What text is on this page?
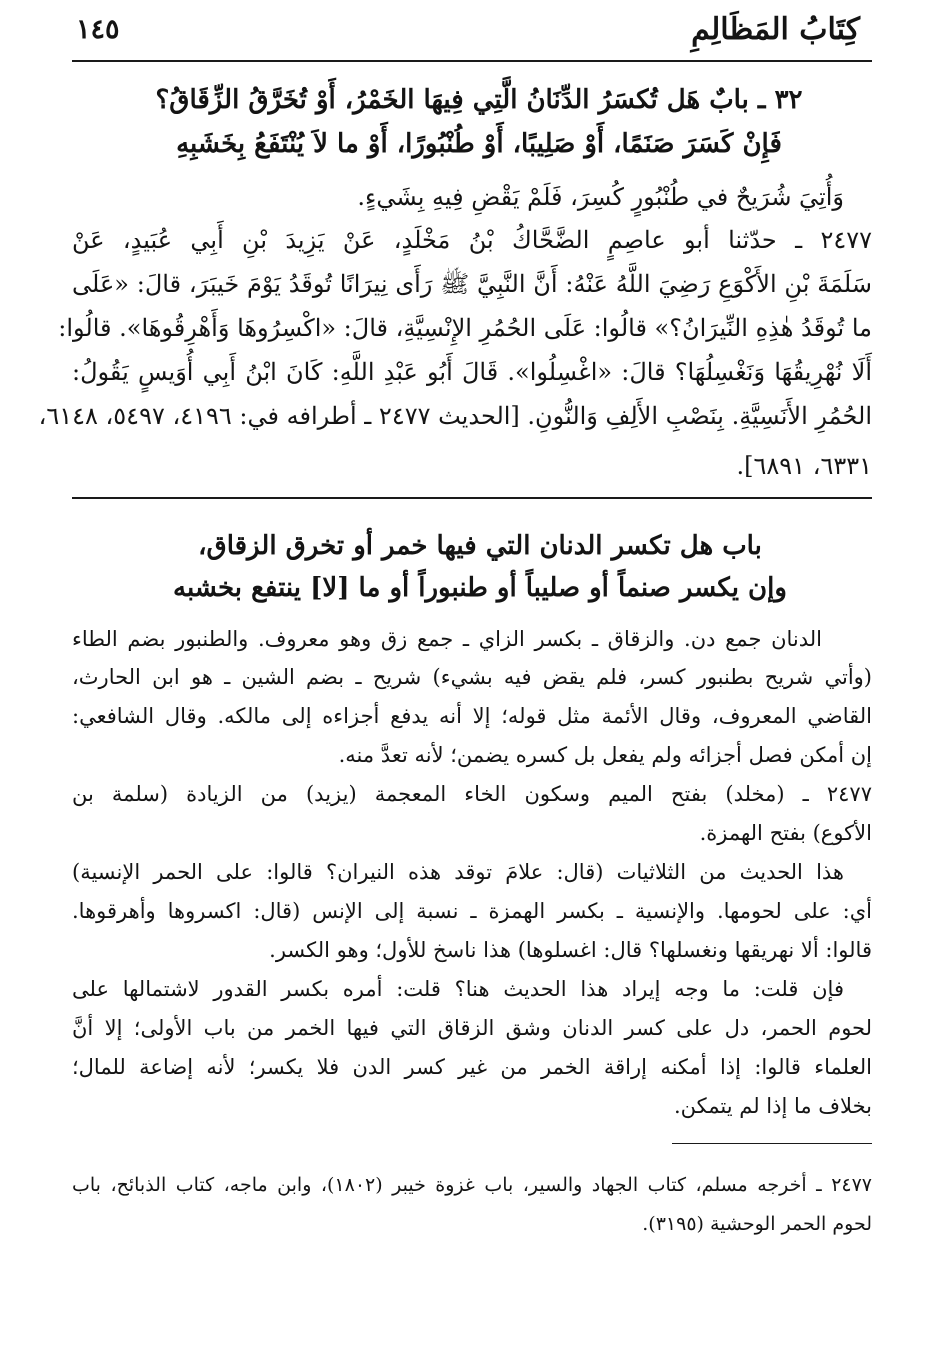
كِتَابُ المَظَالِمِ
١٤٥
٣٢ ـ بابٌ هَل تُكسَرُ الدِّنَانُ الَّتِي فِيهَا الخَمْرُ، أَوْ تُخَرَّقُ الزِّقَاقُ؟
فَإِنْ كَسَرَ صَنَمًا، أَوْ صَلِيبًا، أَوْ طُنْبُورًا، أَوْ ما لاَ يُنْتَفَعُ بِخَشَبِهِ
وَأُتِيَ شُرَيحٌ في طُنْبُورٍ كُسِرَ، فَلَمْ يَقْضِ فِيهِ بِشَيءٍ.
٢٤٧٧ ـ حدّثنا أبو عاصِمٍ الضَّحَّاكُ بْنُ مَخْلَدٍ، عَنْ يَزِيدَ بْنِ أَبِي عُبَيدٍ، عَنْ
سَلَمَةَ بْنِ الأَكْوَعِ رَضِيَ اللَّهُ عَنْهُ: أَنَّ النَّبِيَّ ﷺ رَأَى نِيرَانًا تُوقَدُ يَوْمَ خَيبَرَ، قالَ: «عَلَى
ما تُوقَدُ هٰذِهِ النِّيرَانُ؟» قالُوا: عَلَى الحُمُرِ الإِنْسِيَّةِ، قالَ: «اكْسِرُوهَا وَأَهْرِقُوهَا». قالُوا:
أَلَا نُهْرِيقُهَا وَنَغْسِلُهَا؟ قالَ: «اغْسِلُوا». قَالَ أَبُو عَبْدِ اللَّهِ: كَانَ ابْنُ أَبِي أُوَيسٍ يَقُولُ:
الحُمُرِ الأَنَسِيَّةِ. بِنَصْبِ الأَلِفِ وَالنُّونِ. [الحديث ٢٤٧٧ ـ أطرافه في: ٤١٩٦، ٥٤٩٧، ٦١٤٨،
٦٣٣١، ٦٨٩١].
باب هل تكسر الدنان التي فيها خمر أو تخرق الزقاق،
وإن يكسر صنماً أو صليباً أو طنبوراً أو ما [لا] ينتفع بخشبه
الدنان جمع دن. والزقاق ـ بكسر الزاي ـ جمع زق وهو معروف. والطنبور بضم الطاء
(وأتي شريح بطنبور كسر، فلم يقض فيه بشيء) شريح ـ بضم الشين ـ هو ابن الحارث،
القاضي المعروف، وقال الأئمة مثل قوله؛ إلا أنه يدفع أجزاءه إلى مالكه. وقال الشافعي:
إن أمكن فصل أجزائه ولم يفعل بل كسره يضمن؛ لأنه تعدَّ منه.
٢٤٧٧ ـ (مخلد) بفتح الميم وسكون الخاء المعجمة (يزيد) من الزيادة (سلمة بن
الأكوع) بفتح الهمزة.
هذا الحديث من الثلاثيات (قال: علامَ توقد هذه النيران؟ قالوا: على الحمر الإنسية)
أي: على لحومها. والإنسية ـ بكسر الهمزة ـ نسبة إلى الإنس (قال: اكسروها وأهرقوها.
قالوا: ألا نهريقها ونغسلها؟ قال: اغسلوها) هذا ناسخ للأول؛ وهو الكسر.
فإن قلت: ما وجه إيراد هذا الحديث هنا؟ قلت: أمره بكسر القدور لاشتمالها على
لحوم الحمر، دل على كسر الدنان وشق الزقاق التي فيها الخمر من باب الأولى؛ إلا أنَّ
العلماء قالوا: إذا أمكنه إراقة الخمر من غير كسر الدن فلا يكسر؛ لأنه إضاعة للمال؛
بخلاف ما إذا لم يتمكن.
٢٤٧٧ ـ أخرجه مسلم، كتاب الجهاد والسير، باب غزوة خيبر (١٨٠٢)، وابن ماجه، كتاب الذبائح، باب
لحوم الحمر الوحشية (٣١٩٥).
